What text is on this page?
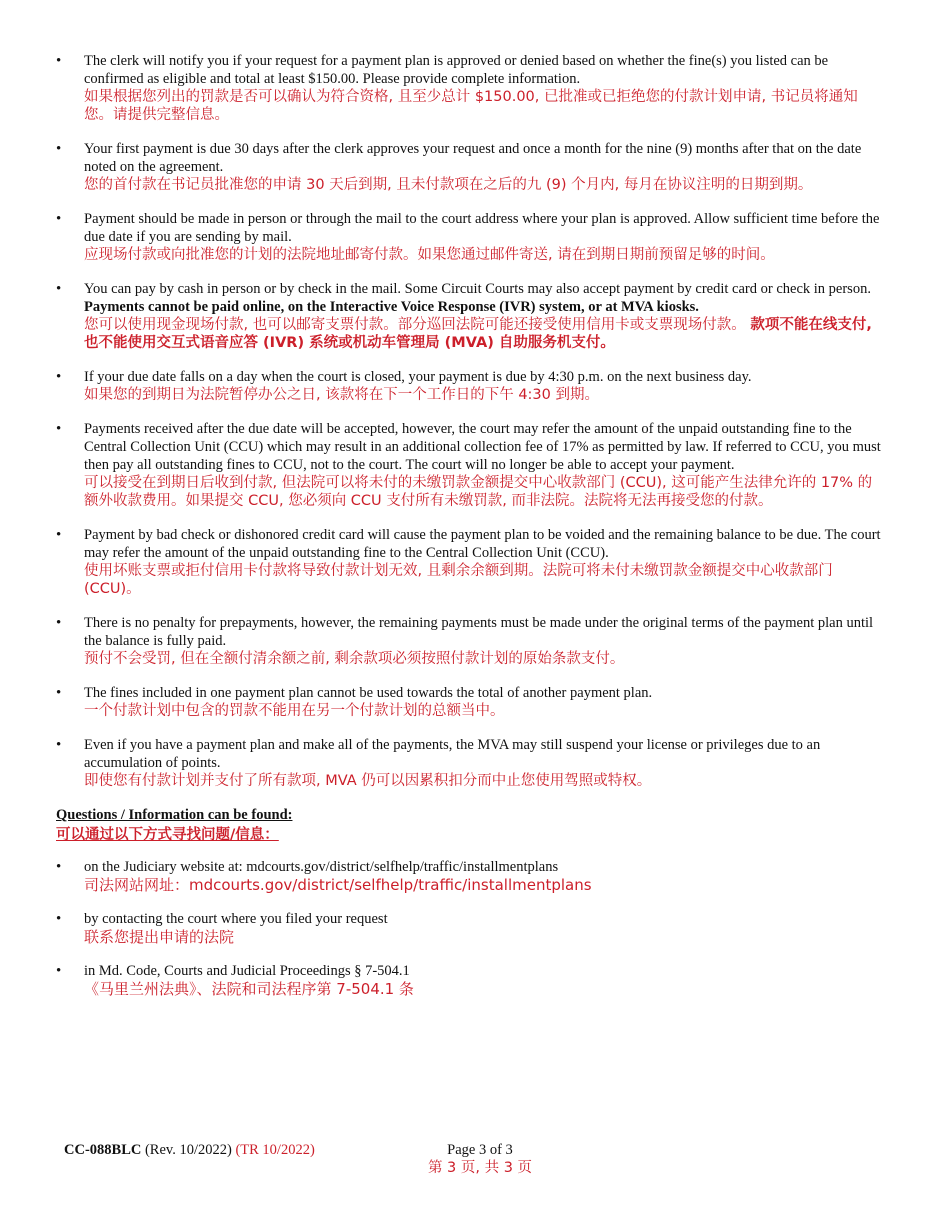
• The clerk will notify you if your request for a payment plan is approved or denied based on whether the fine(s) you listed can be confirmed as eligible and total at least $150.00. Please provide complete information.
如果根据您列出的罚款是否可以确认为符合资格, 且至少总计 $150.00, 已批准或已拒绝您的付款计划申请, 书记员将通知您。请提供完整信息。
• Your first payment is due 30 days after the clerk approves your request and once a month for the nine (9) months after that on the date noted on the agreement.
您的首付款在书记员批准您的申请 30 天后到期, 且未付款项在之后的九 (9) 个月内, 每月在协议注明的日期到期。
• Payment should be made in person or through the mail to the court address where your plan is approved. Allow sufficient time before the due date if you are sending by mail.
应现场付款或向批准您的计划的法院地址邮寄付款。如果您通过邮件寄送, 请在到期日期前预留足够的时间。
• You can pay by cash in person or by check in the mail. Some Circuit Courts may also accept payment by credit card or check in person. Payments cannot be paid online, on the Interactive Voice Response (IVR) system, or at MVA kiosks.
您可以使用现金现场付款, 也可以邮寄支票付款。部分巡回法院可能还接受使用信用卡或支票现场付款。 款项不能在线支付, 也不能使用交互式语音应答 (IVR) 系统或机动车管理局 (MVA) 自助服务机支付。
• If your due date falls on a day when the court is closed, your payment is due by 4:30 p.m. on the next business day.
如果您的到期日为法院暂停办公之日, 该款将在下一个工作日的下午 4:30 到期。
• Payments received after the due date will be accepted, however, the court may refer the amount of the unpaid outstanding fine to the Central Collection Unit (CCU) which may result in an additional collection fee of 17% as permitted by law. If referred to CCU, you must then pay all outstanding fines to CCU, not to the court. The court will no longer be able to accept your payment.
可以接受在到期日后收到付款, 但法院可以将未付的未缴罚款金额提交中心收款部门 (CCU), 这可能产生法律允许的 17% 的额外收款费用。如果提交 CCU, 您必须向 CCU 支付所有未缴罚款, 而非法院。法院将无法再接受您的付款。
• Payment by bad check or dishonored credit card will cause the payment plan to be voided and the remaining balance to be due. The court may refer the amount of the unpaid outstanding fine to the Central Collection Unit (CCU).
使用坏账支票或拒付信用卡付款将导致付款计划无效, 且剩余余额到期。法院可将未付未缴罚款金额提交中心收款部门 (CCU)。
• There is no penalty for prepayments, however, the remaining payments must be made under the original terms of the payment plan until the balance is fully paid.
预付不会受罚, 但在全额付清余额之前, 剩余款项必须按照付款计划的原始条款支付。
• The fines included in one payment plan cannot be used towards the total of another payment plan.
一个付款计划中包含的罚款不能用在另一个付款计划的总额当中。
• Even if you have a payment plan and make all of the payments, the MVA may still suspend your license or privileges due to an accumulation of points.
即使您有付款计划并支付了所有款项, MVA 仍可以因累积扣分而中止您使用驾照或特权。
Questions / Information can be found:
可以通过以下方式寻找问题/信息：
• on the Judiciary website at: mdcourts.gov/district/selfhelp/traffic/installmentplans
司法网站网址：mdcourts.gov/district/selfhelp/traffic/installmentplans
• by contacting the court where you filed your request
联系您提出申请的法院
• in Md. Code, Courts and Judicial Proceedings § 7-504.1
《马里兰州法典》、法院和司法程序第 7-504.1 条
CC-088BLC (Rev. 10/2022) (TR 10/2022)	Page 3 of 3
第 3 页, 共 3 页
